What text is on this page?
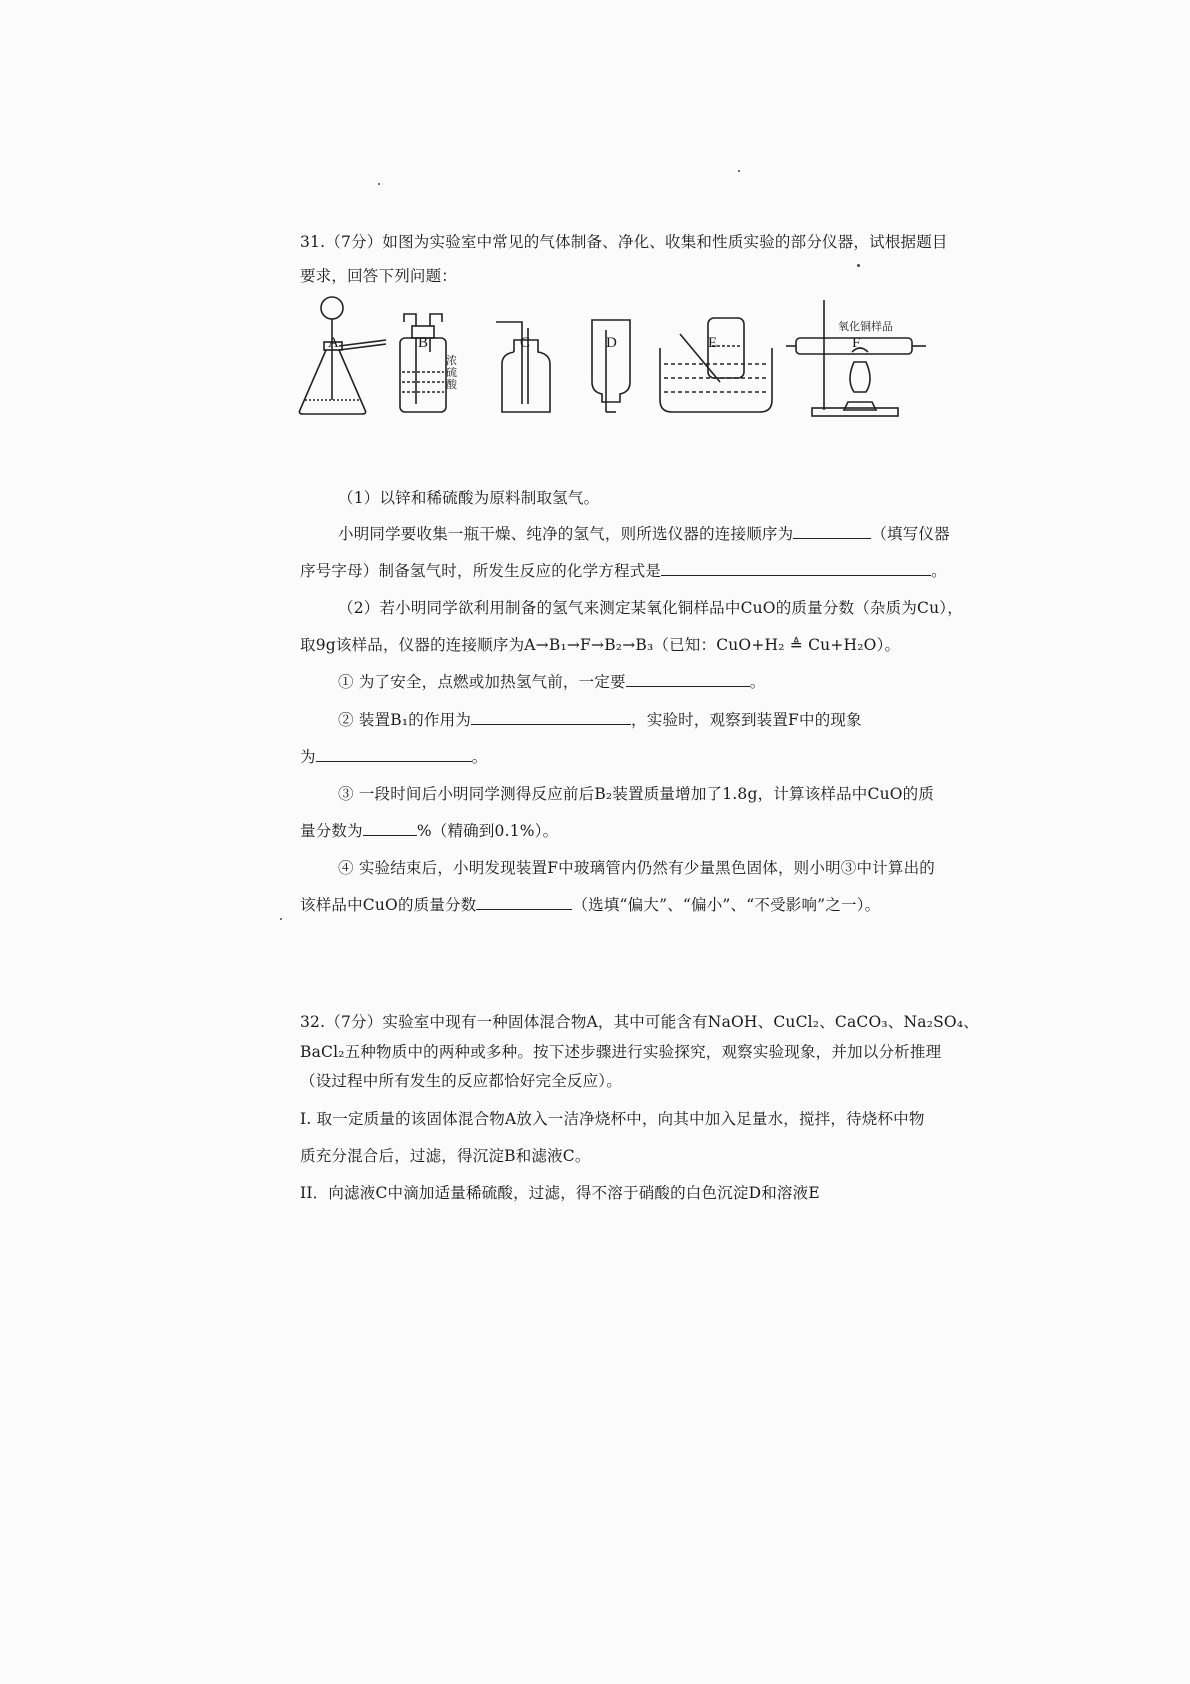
31.（7分）如图为实验室中常见的气体制备、净化、收集和性质实验的部分仪器，试根据题目
要求，回答下列问题：
浓硫酸
氧化铜样品
A	B	C	D	E	F
（1）以锌和稀硫酸为原料制取氢气。
小明同学要收集一瓶干燥、纯净的氢气，则所选仪器的连接顺序为	（填写仪器
序号字母）制备氢气时，所发生反应的化学方程式是	。
（2）若小明同学欲利用制备的氢气来测定某氧化铜样品中CuO的质量分数（杂质为Cu），
取9g该样品，仪器的连接顺序为A→B₁→F→B₂→B₃（已知：CuO+H₂ ≜ Cu+H₂O）。
① 为了安全，点燃或加热氢气前，一定要	。
② 装置B₁的作用为	，实验时，观察到装置F中的现象
为	。
③ 一段时间后小明同学测得反应前后B₂装置质量增加了1.8g，计算该样品中CuO的质
量分数为	%（精确到0.1%）。
④ 实验结束后，小明发现装置F中玻璃管内仍然有少量黑色固体，则小明③中计算出的
该样品中CuO的质量分数	（选填“偏大”、“偏小”、“不受影响”之一）。
32.（7分）实验室中现有一种固体混合物A，其中可能含有NaOH、CuCl₂、CaCO₃、Na₂SO₄、
BaCl₂五种物质中的两种或多种。按下述步骤进行实验探究，观察实验现象，并加以分析推理
（设过程中所有发生的反应都恰好完全反应）。
I. 取一定质量的该固体混合物A放入一洁净烧杯中，向其中加入足量水，搅拌，待烧杯中物
质充分混合后，过滤，得沉淀B和滤液C。
II．向滤液C中滴加适量稀硫酸，过滤，得不溶于硝酸的白色沉淀D和溶液E
